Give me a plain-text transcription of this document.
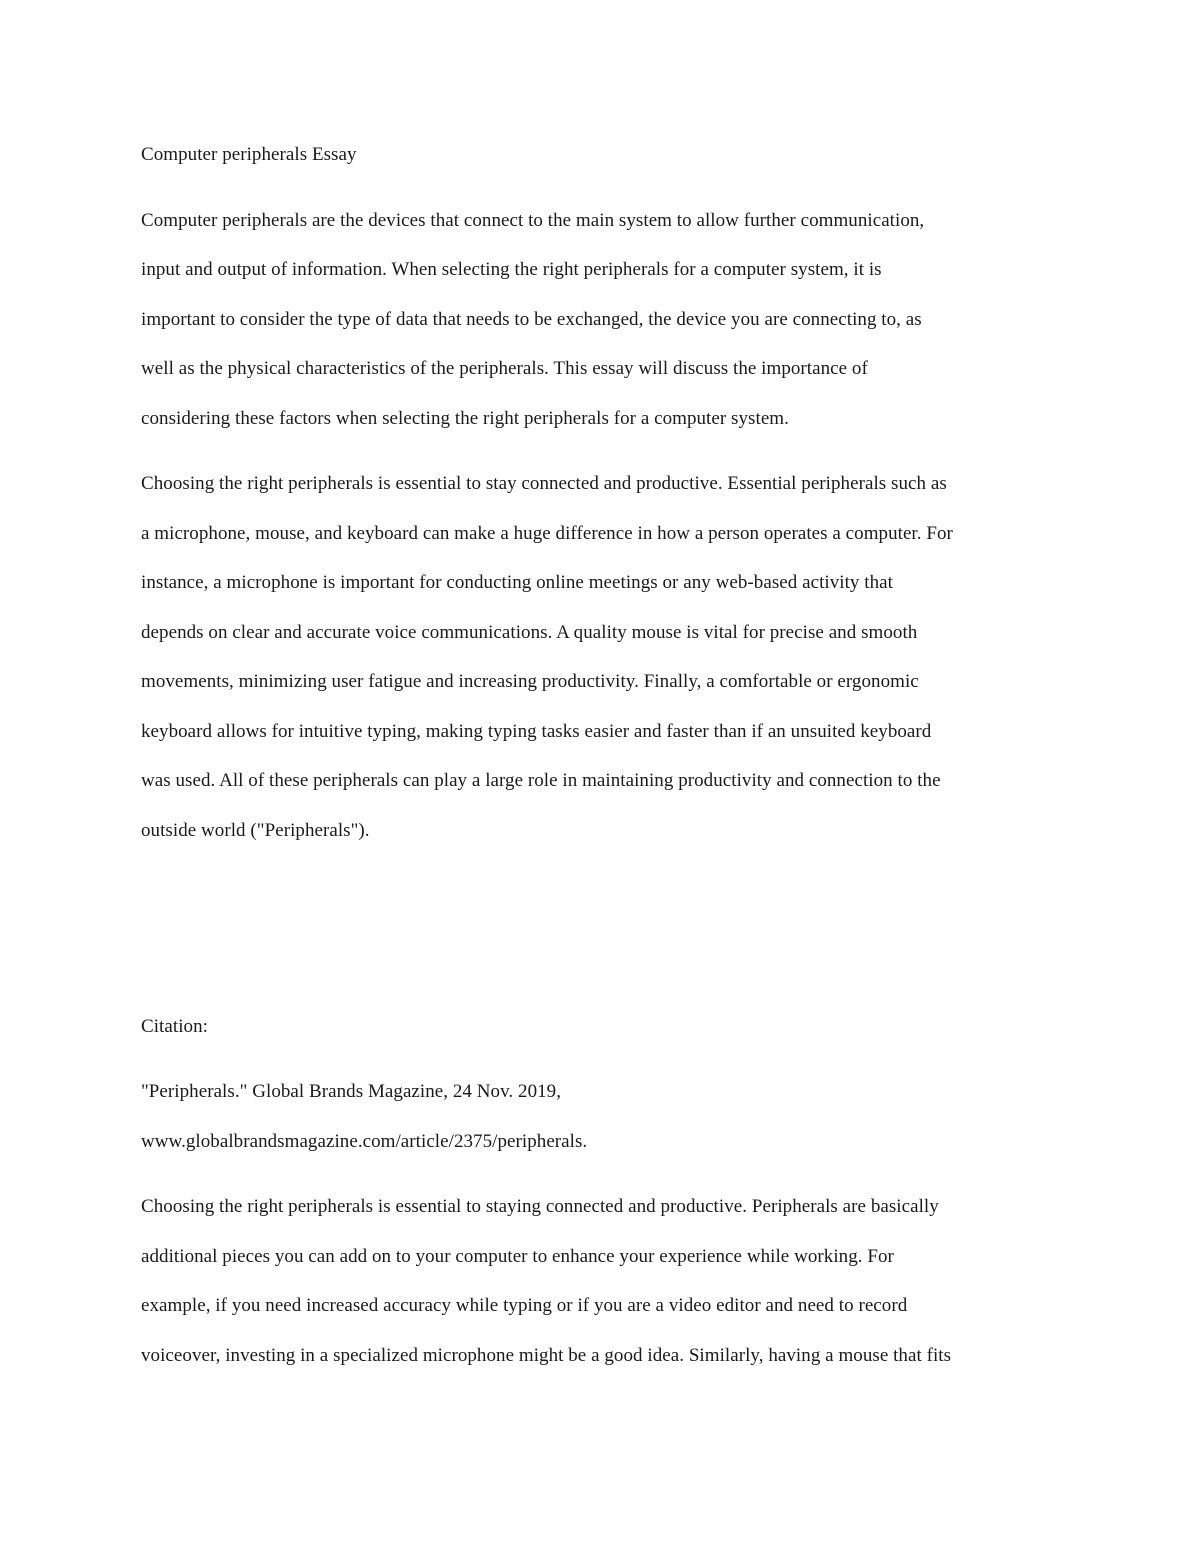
Computer peripherals Essay
Computer peripherals are the devices that connect to the main system to allow further communication,
input and output of information. When selecting the right peripherals for a computer system, it is
important to consider the type of data that needs to be exchanged, the device you are connecting to, as
well as the physical characteristics of the peripherals. This essay will discuss the importance of
considering these factors when selecting the right peripherals for a computer system.
Choosing the right peripherals is essential to stay connected and productive. Essential peripherals such as
a microphone, mouse, and keyboard can make a huge difference in how a person operates a computer. For
instance, a microphone is important for conducting online meetings or any web-based activity that
depends on clear and accurate voice communications. A quality mouse is vital for precise and smooth
movements, minimizing user fatigue and increasing productivity. Finally, a comfortable or ergonomic
keyboard allows for intuitive typing, making typing tasks easier and faster than if an unsuited keyboard
was used. All of these peripherals can play a large role in maintaining productivity and connection to the
outside world ("Peripherals").
Citation:
"Peripherals." Global Brands Magazine, 24 Nov. 2019,
www.globalbrandsmagazine.com/article/2375/peripherals.
Choosing the right peripherals is essential to staying connected and productive. Peripherals are basically
additional pieces you can add on to your computer to enhance your experience while working. For
example, if you need increased accuracy while typing or if you are a video editor and need to record
voiceover, investing in a specialized microphone might be a good idea. Similarly, having a mouse that fits
